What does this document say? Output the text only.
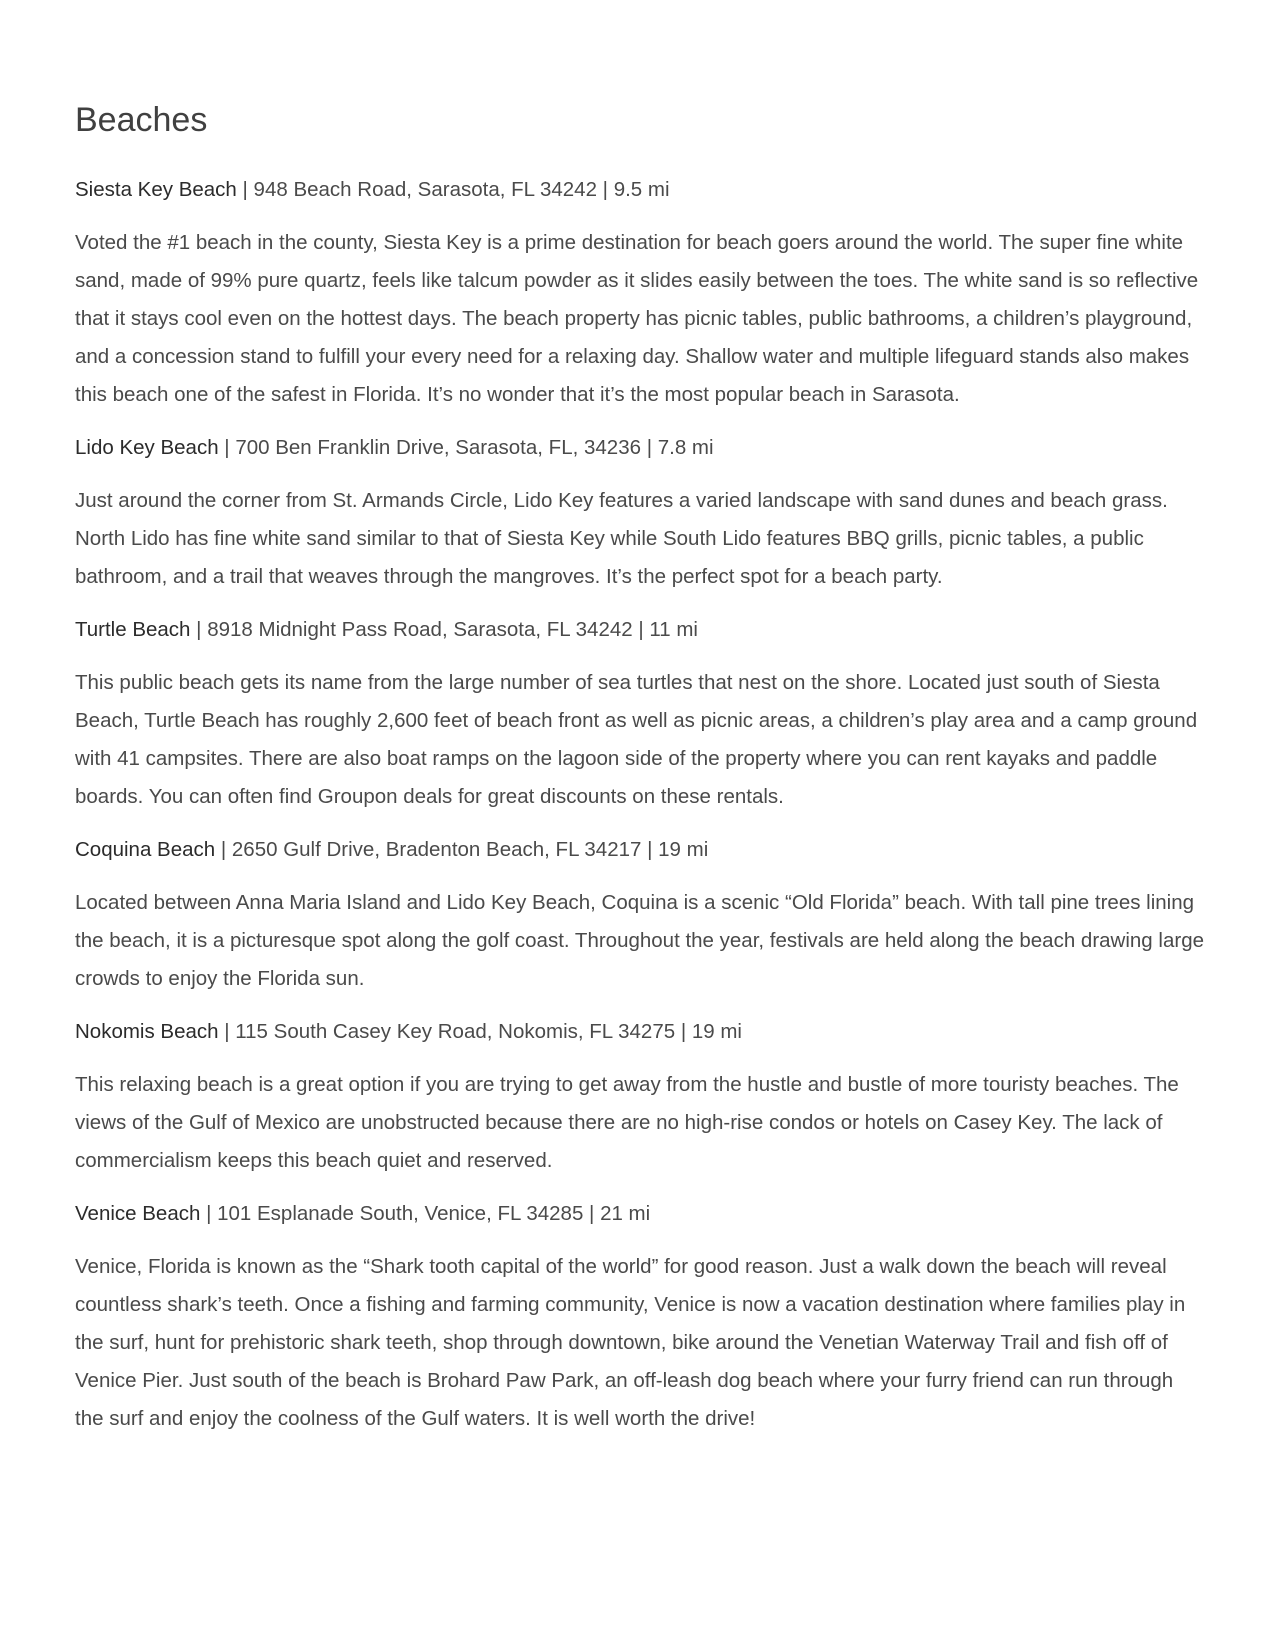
Beaches

Siesta Key Beach | 948 Beach Road, Sarasota, FL 34242 | 9.5 mi

Voted the #1 beach in the county, Siesta Key is a prime destination for beach goers around the world. The super fine white sand, made of 99% pure quartz, feels like talcum powder as it slides easily between the toes. The white sand is so reflective that it stays cool even on the hottest days. The beach property has picnic tables, public bathrooms, a children’s playground, and a concession stand to fulfill your every need for a relaxing day. Shallow water and multiple lifeguard stands also makes this beach one of the safest in Florida. It’s no wonder that it’s the most popular beach in Sarasota.

Lido Key Beach | 700 Ben Franklin Drive, Sarasota, FL, 34236 | 7.8 mi

Just around the corner from St. Armands Circle, Lido Key features a varied landscape with sand dunes and beach grass. North Lido has fine white sand similar to that of Siesta Key while South Lido features BBQ grills, picnic tables, a public bathroom, and a trail that weaves through the mangroves. It’s the perfect spot for a beach party.

Turtle Beach | 8918 Midnight Pass Road, Sarasota, FL 34242 | 11 mi

This public beach gets its name from the large number of sea turtles that nest on the shore. Located just south of Siesta Beach, Turtle Beach has roughly 2,600 feet of beach front as well as picnic areas, a children’s play area and a camp ground with 41 campsites. There are also boat ramps on the lagoon side of the property where you can rent kayaks and paddle boards. You can often find Groupon deals for great discounts on these rentals.

Coquina Beach | 2650 Gulf Drive, Bradenton Beach, FL 34217 | 19 mi

Located between Anna Maria Island and Lido Key Beach, Coquina is a scenic “Old Florida” beach. With tall pine trees lining the beach, it is a picturesque spot along the golf coast. Throughout the year, festivals are held along the beach drawing large crowds to enjoy the Florida sun.

Nokomis Beach | 115 South Casey Key Road, Nokomis, FL 34275 | 19 mi

This relaxing beach is a great option if you are trying to get away from the hustle and bustle of more touristy beaches. The views of the Gulf of Mexico are unobstructed because there are no high-rise condos or hotels on Casey Key. The lack of commercialism keeps this beach quiet and reserved.

Venice Beach | 101 Esplanade South, Venice, FL 34285 | 21 mi

Venice, Florida is known as the “Shark tooth capital of the world” for good reason. Just a walk down the beach will reveal countless shark’s teeth. Once a fishing and farming community, Venice is now a vacation destination where families play in the surf, hunt for prehistoric shark teeth, shop through downtown, bike around the Venetian Waterway Trail and fish off of Venice Pier. Just south of the beach is Brohard Paw Park, an off-leash dog beach where your furry friend can run through the surf and enjoy the coolness of the Gulf waters. It is well worth the drive!
